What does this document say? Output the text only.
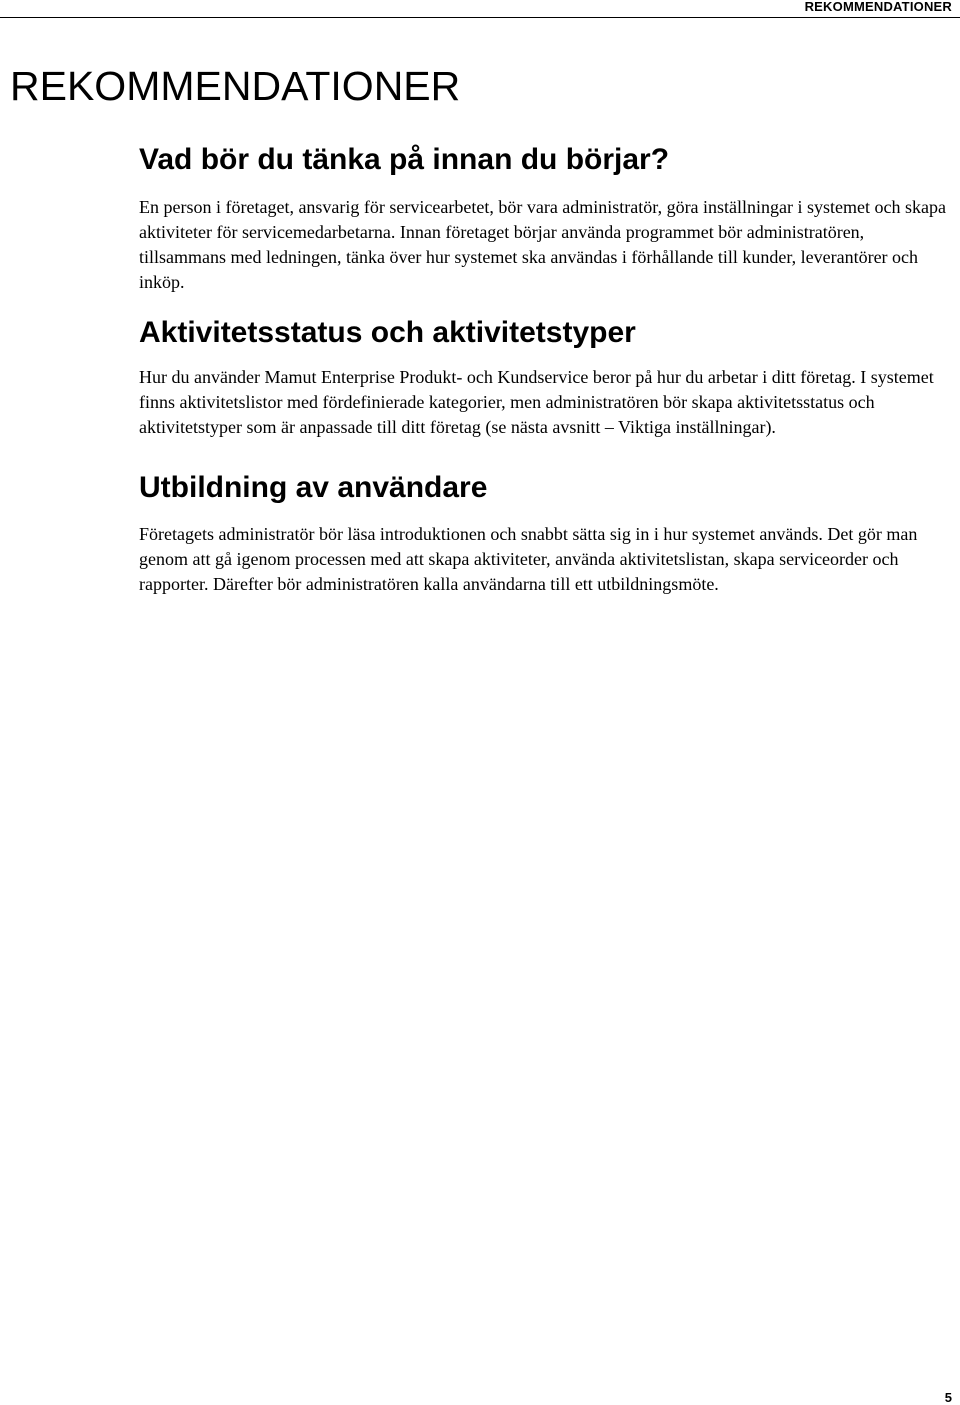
REKOMMENDATIONER
REKOMMENDATIONER
Vad bör du tänka på innan du börjar?

En person i företaget, ansvarig för servicearbetet, bör vara administratör, göra inställningar i systemet och skapa aktiviteter för servicemedarbetarna. Innan företaget börjar använda programmet bör administratören, tillsammans med ledningen, tänka över hur systemet ska användas i förhållande till kunder, leverantörer och inköp.

Aktivitetsstatus och aktivitetstyper

Hur du använder Mamut Enterprise Produkt- och Kundservice beror på hur du arbetar i ditt företag. I systemet finns aktivitetslistor med fördefinierade kategorier, men administratören bör skapa aktivitetsstatus och aktivitetstyper som är anpassade till ditt företag (se nästa avsnitt – Viktiga inställningar).

Utbildning av användare

Företagets administratör bör läsa introduktionen och snabbt sätta sig in i hur systemet används. Det gör man genom att gå igenom processen med att skapa aktiviteter, använda aktivitetslistan, skapa serviceorder och rapporter. Därefter bör administratören kalla användarna till ett utbildningsmöte.

5
